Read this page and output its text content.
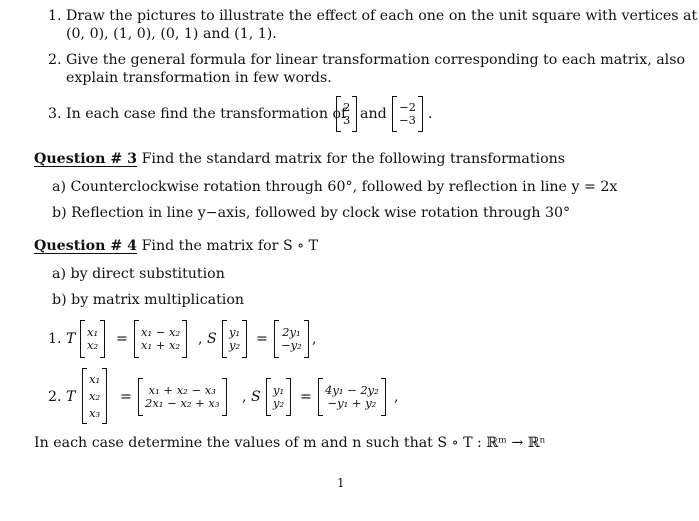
1. Draw the pictures to illustrate the effect of each one on the unit square with vertices at
(0, 0), (1, 0), (0, 1) and (1, 1).
2. Give the general formula for linear transformation corresponding to each matrix, also
explain transformation in few words.
3. In each case find the transformation of
2
3 and −2
−3 .
Question # 3 Find the standard matrix for the following transformations
a) Counterclockwise rotation through 60°, followed by reflection in line y = 2x
b) Reflection in line y−axis, followed by clock wise rotation through 30°
Question # 4 Find the matrix for S ∘ T
a) by direct substitution
b) by matrix multiplication
1. T x₁
x₂ = x₁ − x₂
x₁ + x₂ , S y₁
y₂ = 2y₁
−y₂ ,
2. T
x₁
x₂
x₃
= x₁ + x₂ − x₃
2x₁ − x₂ + x₃ , S y₁
y₂ = 4y₁ − 2y₂
−y₁ + y₂ ,
In each case determine the values of m and n such that S ∘ T : ℝᵐ → ℝⁿ
1
